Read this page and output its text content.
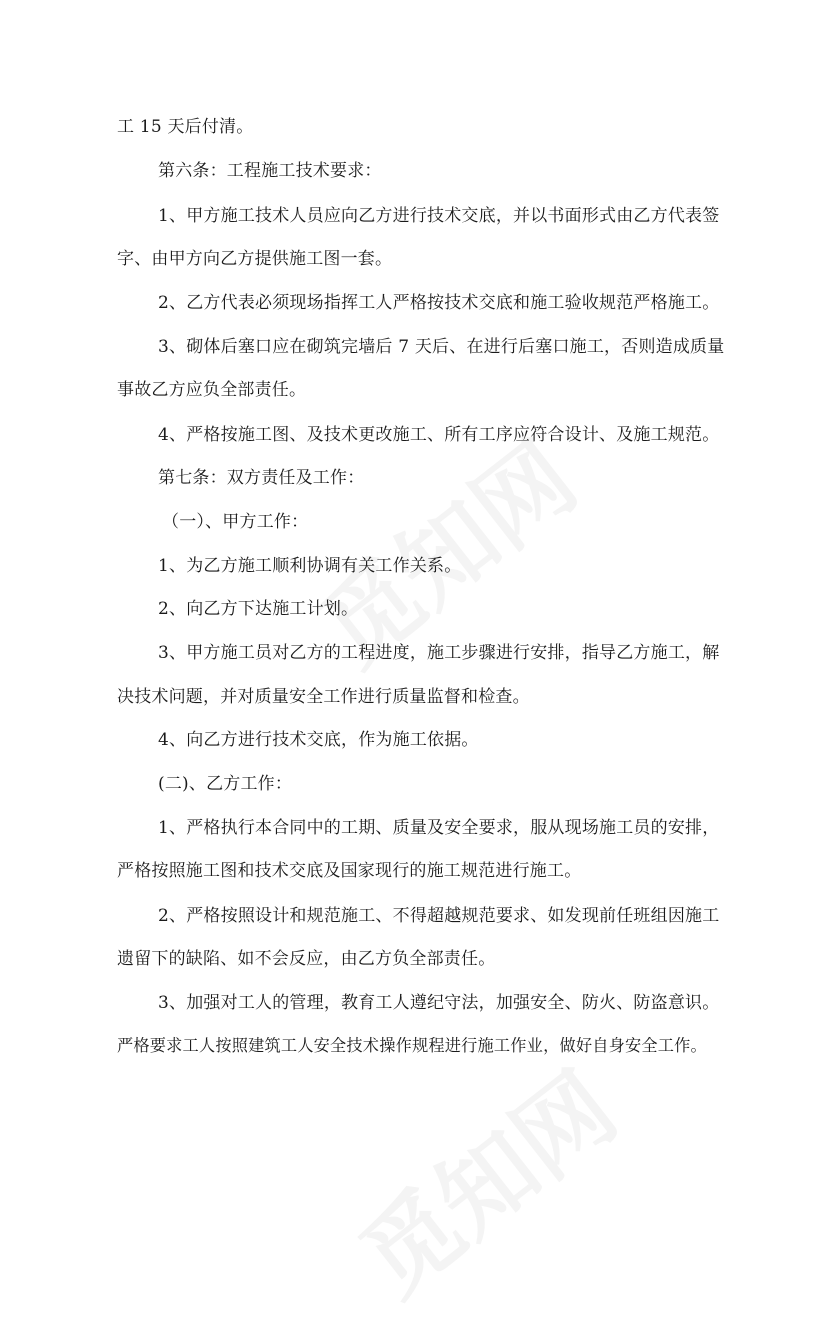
工 15 天后付清。
第六条：工程施工技术要求：
1、甲方施工技术人员应向乙方进行技术交底，并以书面形式由乙方代表签
字、由甲方向乙方提供施工图一套。
2、乙方代表必须现场指挥工人严格按技术交底和施工验收规范严格施工。
3、砌体后塞口应在砌筑完墙后 7 天后、在进行后塞口施工，否则造成质量
事故乙方应负全部责任。
4、严格按施工图、及技术更改施工、所有工序应符合设计、及施工规范。
第七条：双方责任及工作：
（一）、甲方工作：
1、为乙方施工顺利协调有关工作关系。
2、向乙方下达施工计划。
3、甲方施工员对乙方的工程进度，施工步骤进行安排，指导乙方施工，解
决技术问题，并对质量安全工作进行质量监督和检查。
4、向乙方进行技术交底，作为施工依据。
(二)、乙方工作：
1、严格执行本合同中的工期、质量及安全要求，服从现场施工员的安排，
严格按照施工图和技术交底及国家现行的施工规范进行施工。
2、严格按照设计和规范施工、不得超越规范要求、如发现前任班组因施工
遗留下的缺陷、如不会反应，由乙方负全部责任。
3、加强对工人的管理，教育工人遵纪守法，加强安全、防火、防盗意识。
严格要求工人按照建筑工人安全技术操作规程进行施工作业，做好自身安全工作。
